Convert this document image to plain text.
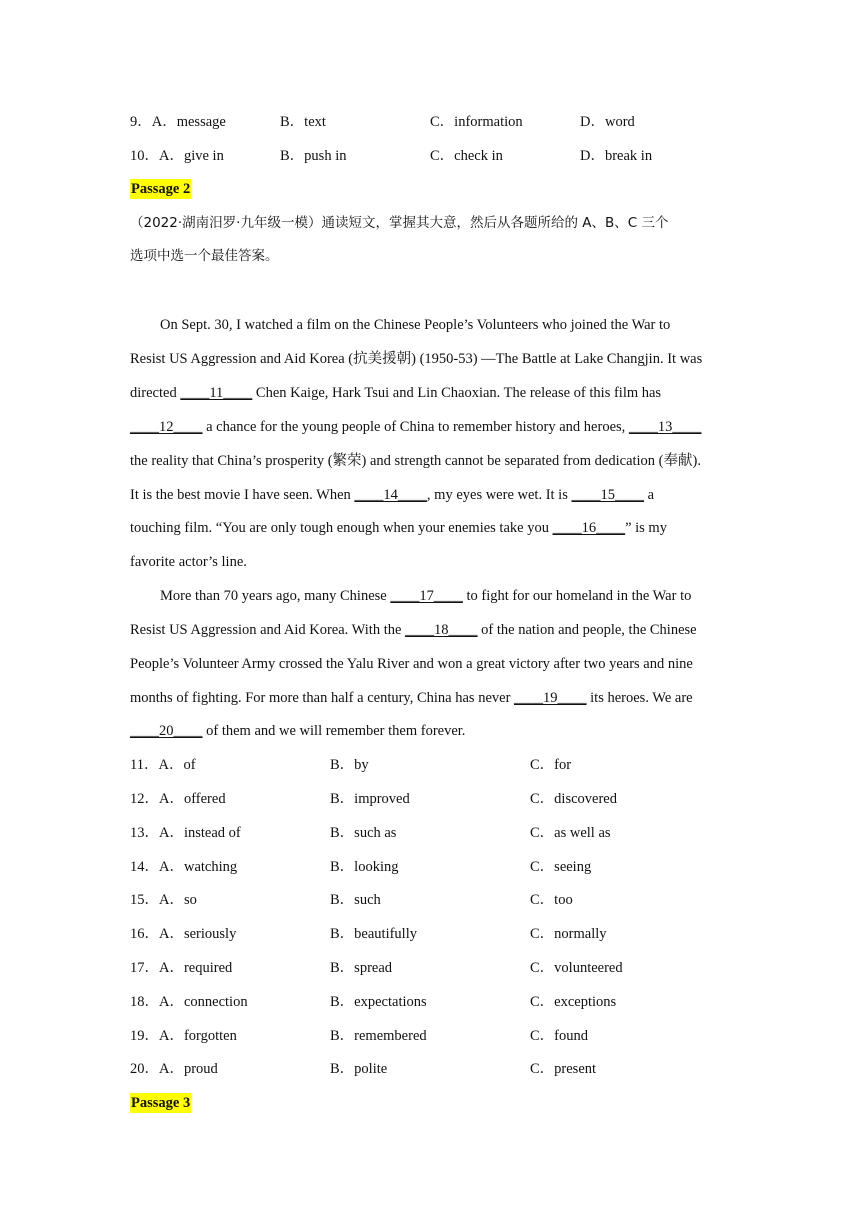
9．A．message	B．text	C．information	D．word
10．A．give in	B．push in	C．check in	D．break in
Passage 2
（2022·湖南汨罗·九年级一模）通读短文，掌握其大意，然后从各题所给的 A、B、C 三个
选项中选一个最佳答案。
On Sept. 30, I watched a film on the Chinese People’s Volunteers who joined the War to
Resist US Aggression and Aid Korea (抗美援朝) (1950-53) —The Battle at Lake Changjin. It was
directed ____11____ Chen Kaige, Hark Tsui and Lin Chaoxian. The release of this film has
____12____ a chance for the young people of China to remember history and heroes, ____13____
the reality that China’s prosperity (繁荣) and strength cannot be separated from dedication (奉献).
It is the best movie I have seen. When ____14____, my eyes were wet. It is ____15____ a
touching film. “You are only tough enough when your enemies take you ____16____” is my
favorite actor’s line.
More than 70 years ago, many Chinese ____17____ to fight for our homeland in the War to
Resist US Aggression and Aid Korea. With the ____18____ of the nation and people, the Chinese
People’s Volunteer Army crossed the Yalu River and won a great victory after two years and nine
months of fighting. For more than half a century, China has never ____19____ its heroes. We are
____20____ of them and we will remember them forever.
11．A．of	B．by	C．for
12．A．offered	B．improved	C．discovered
13．A．instead of	B．such as	C．as well as
14．A．watching	B．looking	C．seeing
15．A．so	B．such	C．too
16．A．seriously	B．beautifully	C．normally
17．A．required	B．spread	C．volunteered
18．A．connection	B．expectations	C．exceptions
19．A．forgotten	B．remembered	C．found
20．A．proud	B．polite	C．present
Passage 3
